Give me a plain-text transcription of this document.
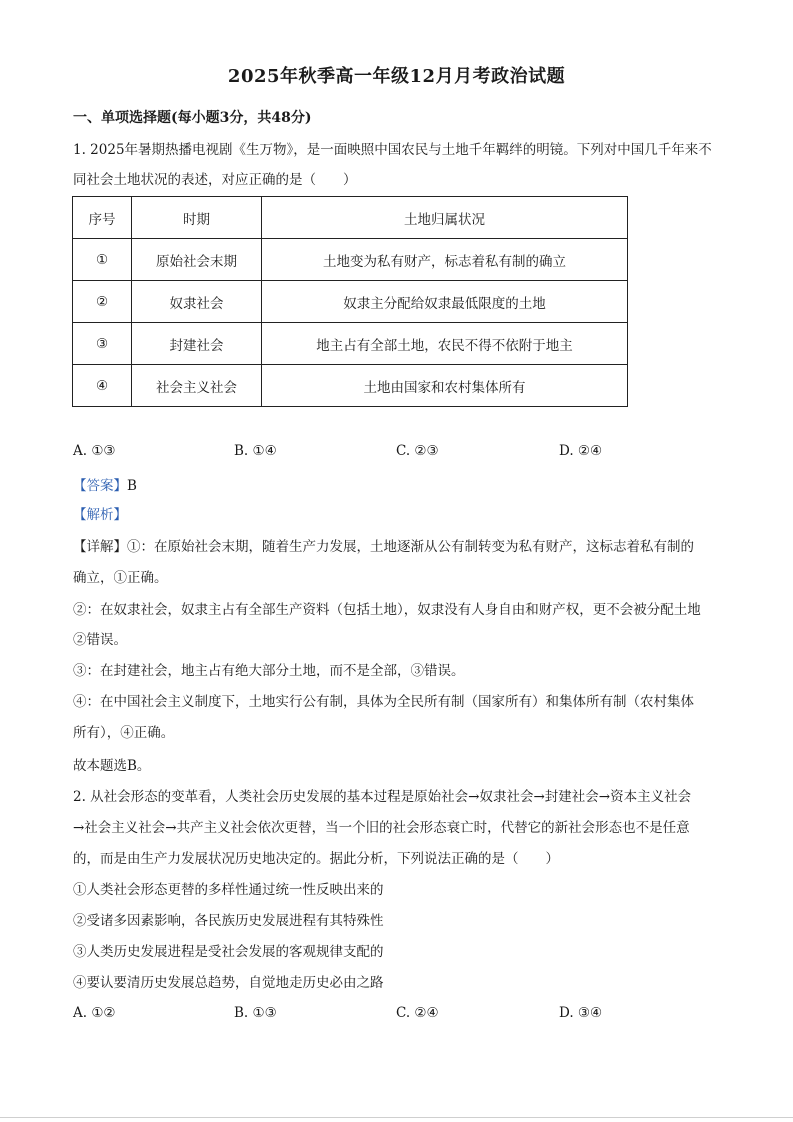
2025年秋季高一年级12月月考政治试题
一、单项选择题(每小题3分，共48分)
1. 2025年暑期热播电视剧《生万物》，是一面映照中国农民与土地千年羁绊的明镜。下列对中国几千年来不
同社会土地状况的表述，对应正确的是（　　）
序号	时期	土地归属状况
①	原始社会末期	土地变为私有财产，标志着私有制的确立
②	奴隶社会	奴隶主分配给奴隶最低限度的土地
③	封建社会	地主占有全部土地，农民不得不依附于地主
④	社会主义社会	土地由国家和农村集体所有
A. ①③	B. ①④	C. ②③	D. ②④
【答案】B
【解析】
【详解】①：在原始社会末期，随着生产力发展，土地逐渐从公有制转变为私有财产，这标志着私有制的
确立，①正确。
②：在奴隶社会，奴隶主占有全部生产资料（包括土地），奴隶没有人身自由和财产权，更不会被分配土地
②错误。
③：在封建社会，地主占有绝大部分土地，而不是全部，③错误。
④：在中国社会主义制度下，土地实行公有制，具体为全民所有制（国家所有）和集体所有制（农村集体
所有），④正确。
故本题选B。
2. 从社会形态的变革看，人类社会历史发展的基本过程是原始社会→奴隶社会→封建社会→资本主义社会
→社会主义社会→共产主义社会依次更替，当一个旧的社会形态衰亡时，代替它的新社会形态也不是任意
的，而是由生产力发展状况历史地决定的。据此分析，下列说法正确的是（　　）
①人类社会形态更替的多样性通过统一性反映出来的
②受诸多因素影响，各民族历史发展进程有其特殊性
③人类历史发展进程是受社会发展的客观规律支配的
④要认要清历史发展总趋势，自觉地走历史必由之路
A. ①②	B. ①③	C. ②④	D. ③④
